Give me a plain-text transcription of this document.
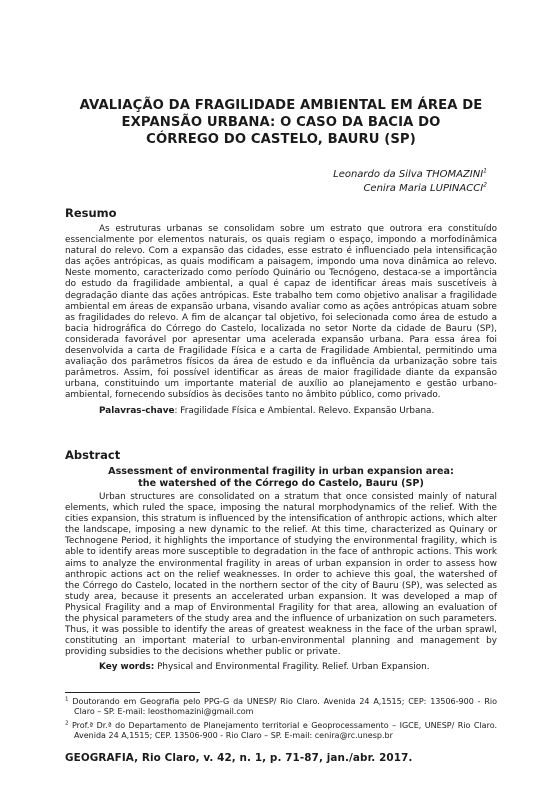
AVALIAÇÃO DA FRAGILIDADE AMBIENTAL EM ÁREA DE
EXPANSÃO URBANA: O CASO DA BACIA DO
CÓRREGO DO CASTELO, BAURU (SP)
Leonardo da Silva THOMAZINI$^1$
Cenira Maria LUPINACCI$^2$
Resumo
As estruturas urbanas se consolidam sobre um estrato que outrora era constituído essencialmente por elementos naturais, os quais regiam o espaço, impondo a morfodinâmica natural do relevo. Com a expansão das cidades, esse estrato é influenciado pela intensificação das ações antrópicas, as quais modificam a paisagem, impondo uma nova dinâmica ao relevo. Neste momento, caracterizado como período Quinário ou Tecnógeno, destaca-se a importância do estudo da fragilidade ambiental, a qual é capaz de identificar áreas mais suscetíveis à degradação diante das ações antrópicas. Este trabalho tem como objetivo analisar a fragilidade ambiental em áreas de expansão urbana, visando avaliar como as ações antrópicas atuam sobre as fragilidades do relevo. A fim de alcançar tal objetivo, foi selecionada como área de estudo a bacia hidrográfica do Córrego do Castelo, localizada no setor Norte da cidade de Bauru (SP), considerada favorável por apresentar uma acelerada expansão urbana. Para essa área foi desenvolvida a carta de Fragilidade Física e a carta de Fragilidade Ambiental, permitindo uma avaliação dos parâmetros físicos da área de estudo e da influência da urbanização sobre tais parâmetros. Assim, foi possível identificar as áreas de maior fragilidade diante da expansão urbana, constituindo um importante material de auxílio ao planejamento e gestão urbano-ambiental, fornecendo subsídios às decisões tanto no âmbito público, como privado.
Palavras-chave: Fragilidade Física e Ambiental. Relevo. Expansão Urbana.
Abstract
Assessment of environmental fragility in urban expansion area:
the watershed of the Córrego do Castelo, Bauru (SP)
Urban structures are consolidated on a stratum that once consisted mainly of natural elements, which ruled the space, imposing the natural morphodynamics of the relief. With the cities expansion, this stratum is influenced by the intensification of anthropic actions, which alter the landscape, imposing a new dynamic to the relief. At this time, characterized as Quinary or Technogene Period, it highlights the importance of studying the environmental fragility, which is able to identify areas more susceptible to degradation in the face of anthropic actions. This work aims to analyze the environmental fragility in areas of urban expansion in order to assess how anthropic actions act on the relief weaknesses. In order to achieve this goal, the watershed of the Córrego do Castelo, located in the northern sector of the city of Bauru (SP), was selected as study area, because it presents an accelerated urban expansion. It was developed a map of Physical Fragility and a map of Environmental Fragility for that area, allowing an evaluation of the physical parameters of the study area and the influence of urbanization on such parameters. Thus, it was possible to identify the areas of greatest weakness in the face of the urban sprawl, constituting an important material to urban-environmental planning and management by providing subsidies to the decisions whether public or private.
Key words: Physical and Environmental Fragility. Relief. Urban Expansion.
$^1$ Doutorando em Geografia pelo PPG-G da UNESP/ Rio Claro. Avenida 24 A,1515; CEP: 13506-900 - Rio Claro – SP. E-mail: leosthomazini@gmail.com
$^2$ Prof.ª Dr.ª do Departamento de Planejamento territorial e Geoprocessamento – IGCE, UNESP/ Rio Claro. Avenida 24 A,1515; CEP. 13506-900 - Rio Claro – SP. E-mail: cenira@rc.unesp.br
GEOGRAFIA, Rio Claro, v. 42, n. 1, p. 71-87, jan./abr. 2017.
